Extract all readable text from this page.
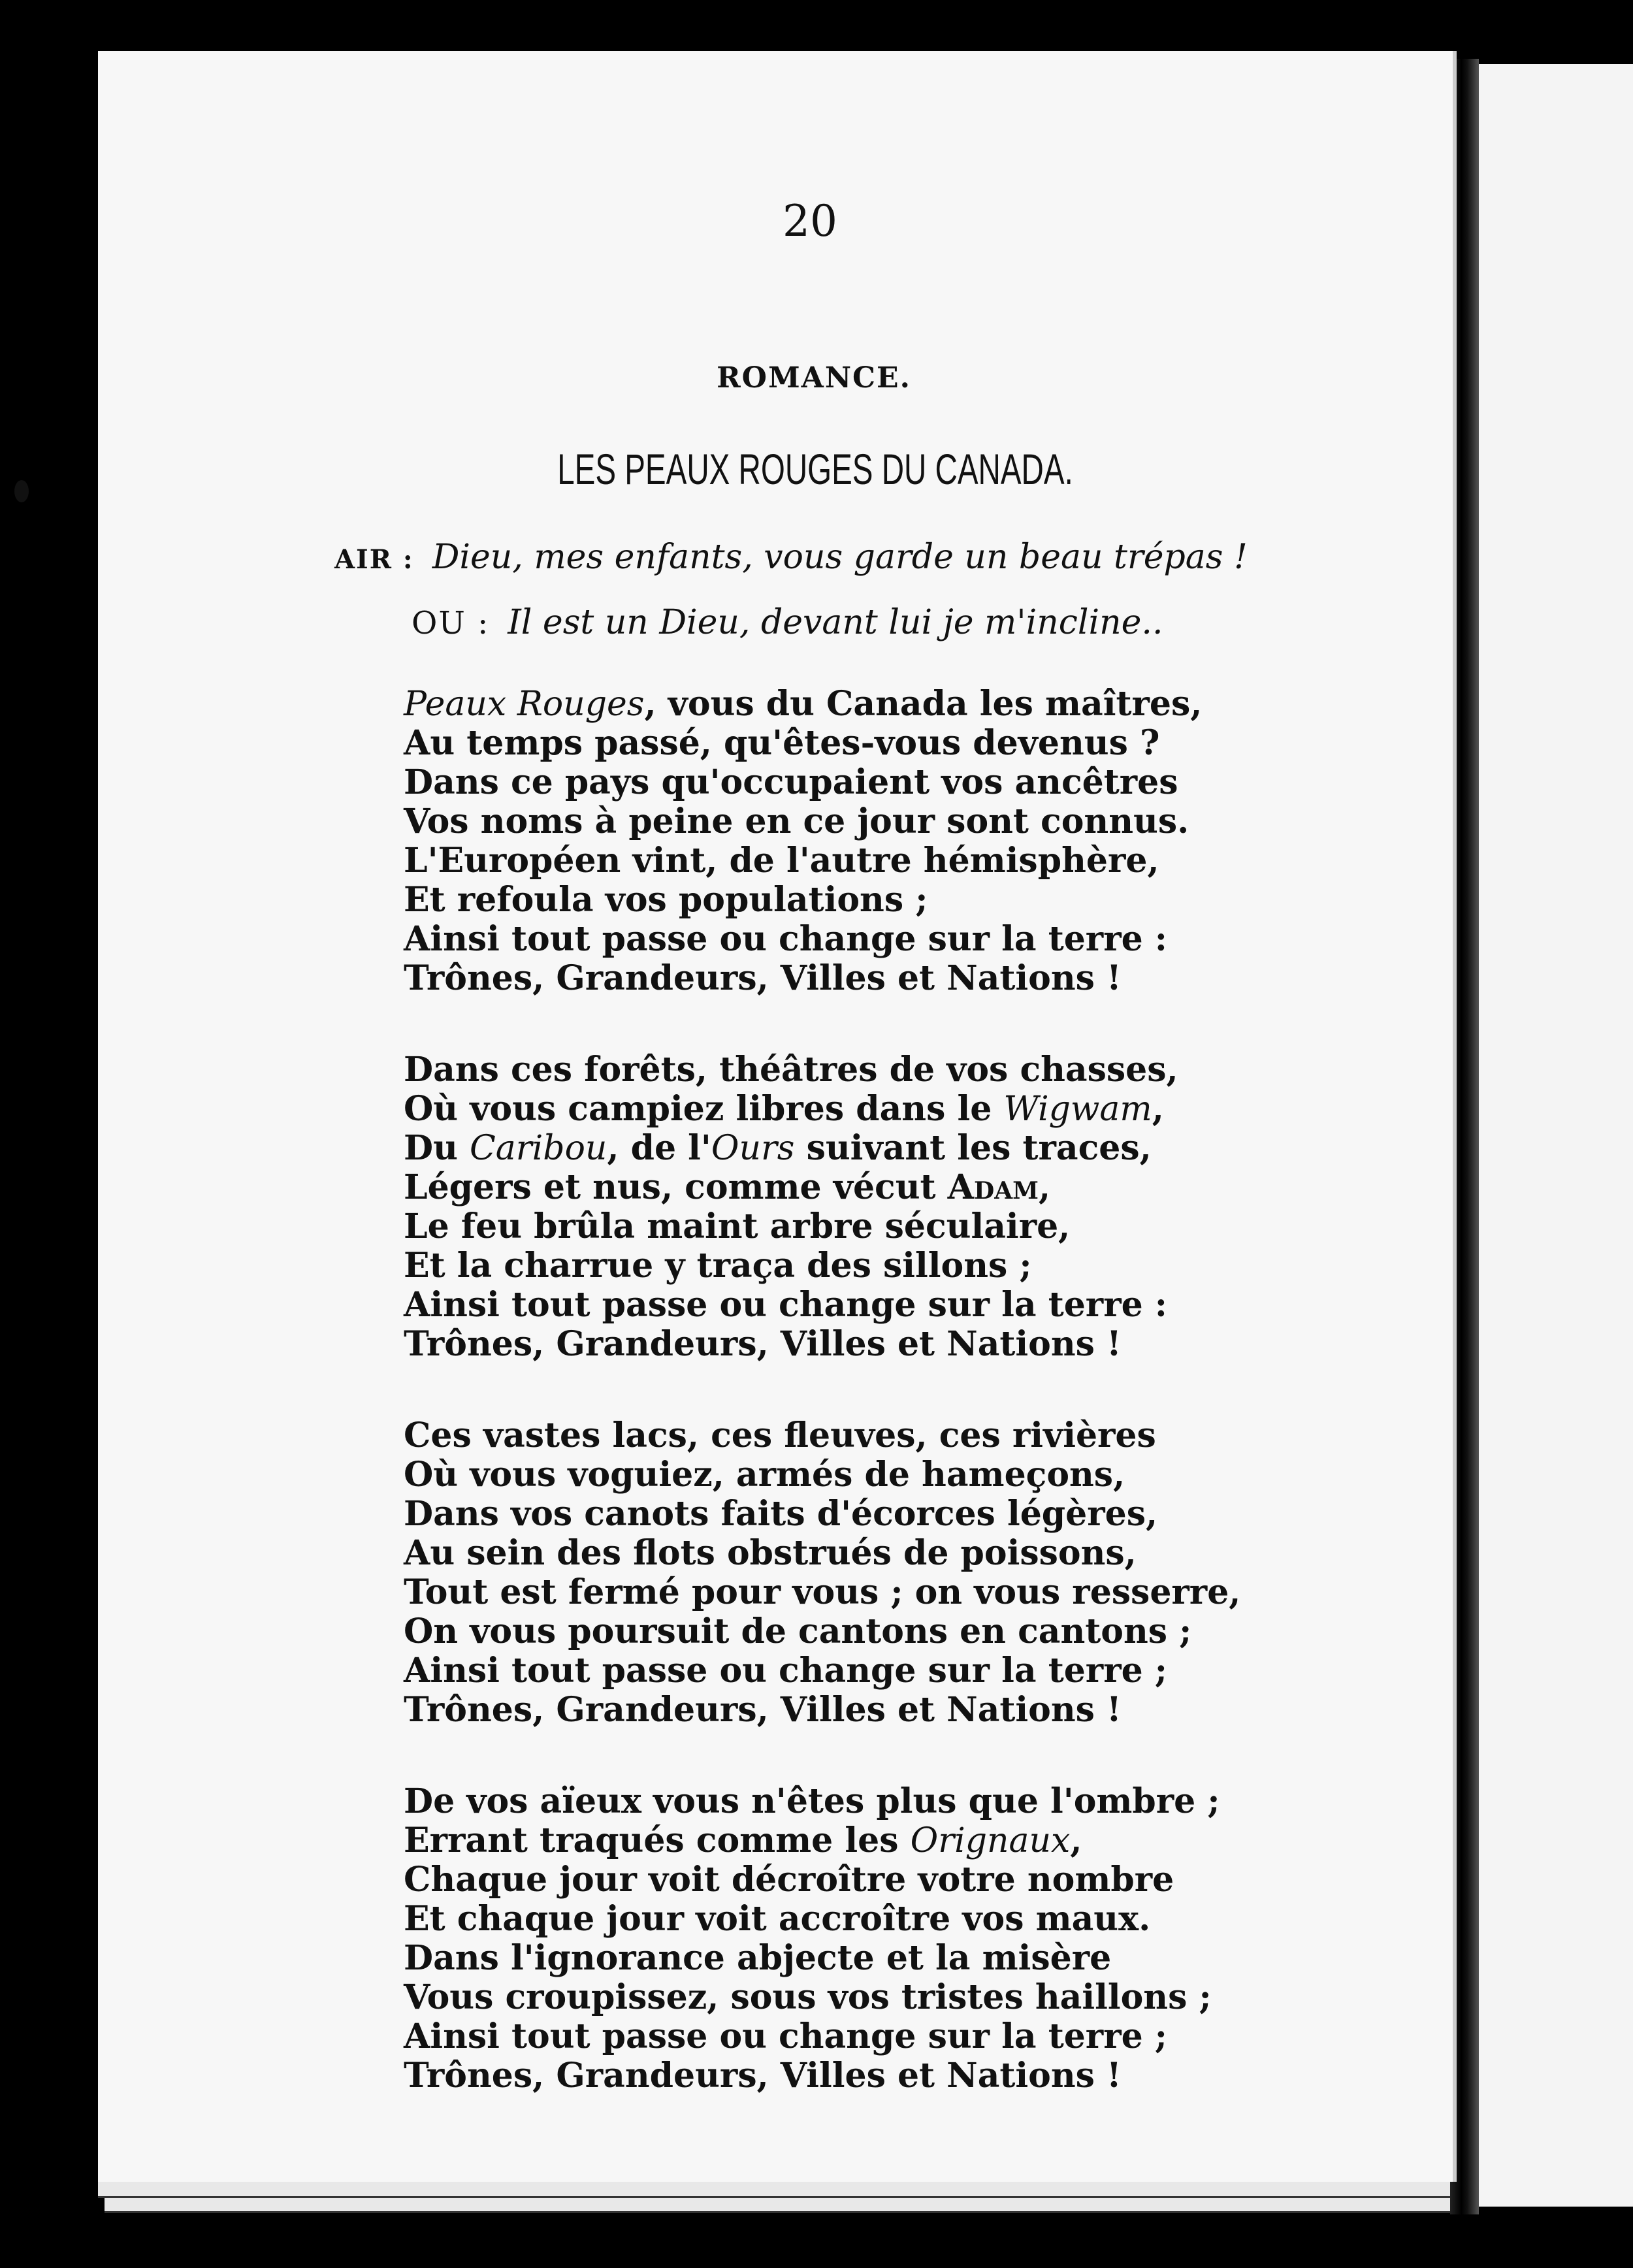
20
ROMANCE.
LES PEAUX ROUGES DU CANADA.
AIR : Dieu, mes enfants, vous garde un beau trépas !
OU : Il est un Dieu, devant lui je m'incline..
Peaux Rouges, vous du Canada les maîtres,
Au temps passé, qu'êtes-vous devenus ?
Dans ce pays qu'occupaient vos ancêtres
Vos noms à peine en ce jour sont connus.
L'Européen vint, de l'autre hémisphère,
Et refoula vos populations ;
Ainsi tout passe ou change sur la terre :
Trônes, Grandeurs, Villes et Nations !
Dans ces forêts, théâtres de vos chasses,
Où vous campiez libres dans le Wigwam,
Du Caribou, de l'Ours suivant les traces,
Légers et nus, comme vécut Adam,
Le feu brûla maint arbre séculaire,
Et la charrue y traça des sillons ;
Ainsi tout passe ou change sur la terre :
Trônes, Grandeurs, Villes et Nations !
Ces vastes lacs, ces fleuves, ces rivières
Où vous voguiez, armés de hameçons,
Dans vos canots faits d'écorces légères,
Au sein des flots obstrués de poissons,
Tout est fermé pour vous ; on vous resserre,
On vous poursuit de cantons en cantons ;
Ainsi tout passe ou change sur la terre ;
Trônes, Grandeurs, Villes et Nations !
De vos aïeux vous n'êtes plus que l'ombre ;
Errant traqués comme les Orignaux,
Chaque jour voit décroître votre nombre
Et chaque jour voit accroître vos maux.
Dans l'ignorance abjecte et la misère
Vous croupissez, sous vos tristes haillons ;
Ainsi tout passe ou change sur la terre ;
Trônes, Grandeurs, Villes et Nations !
